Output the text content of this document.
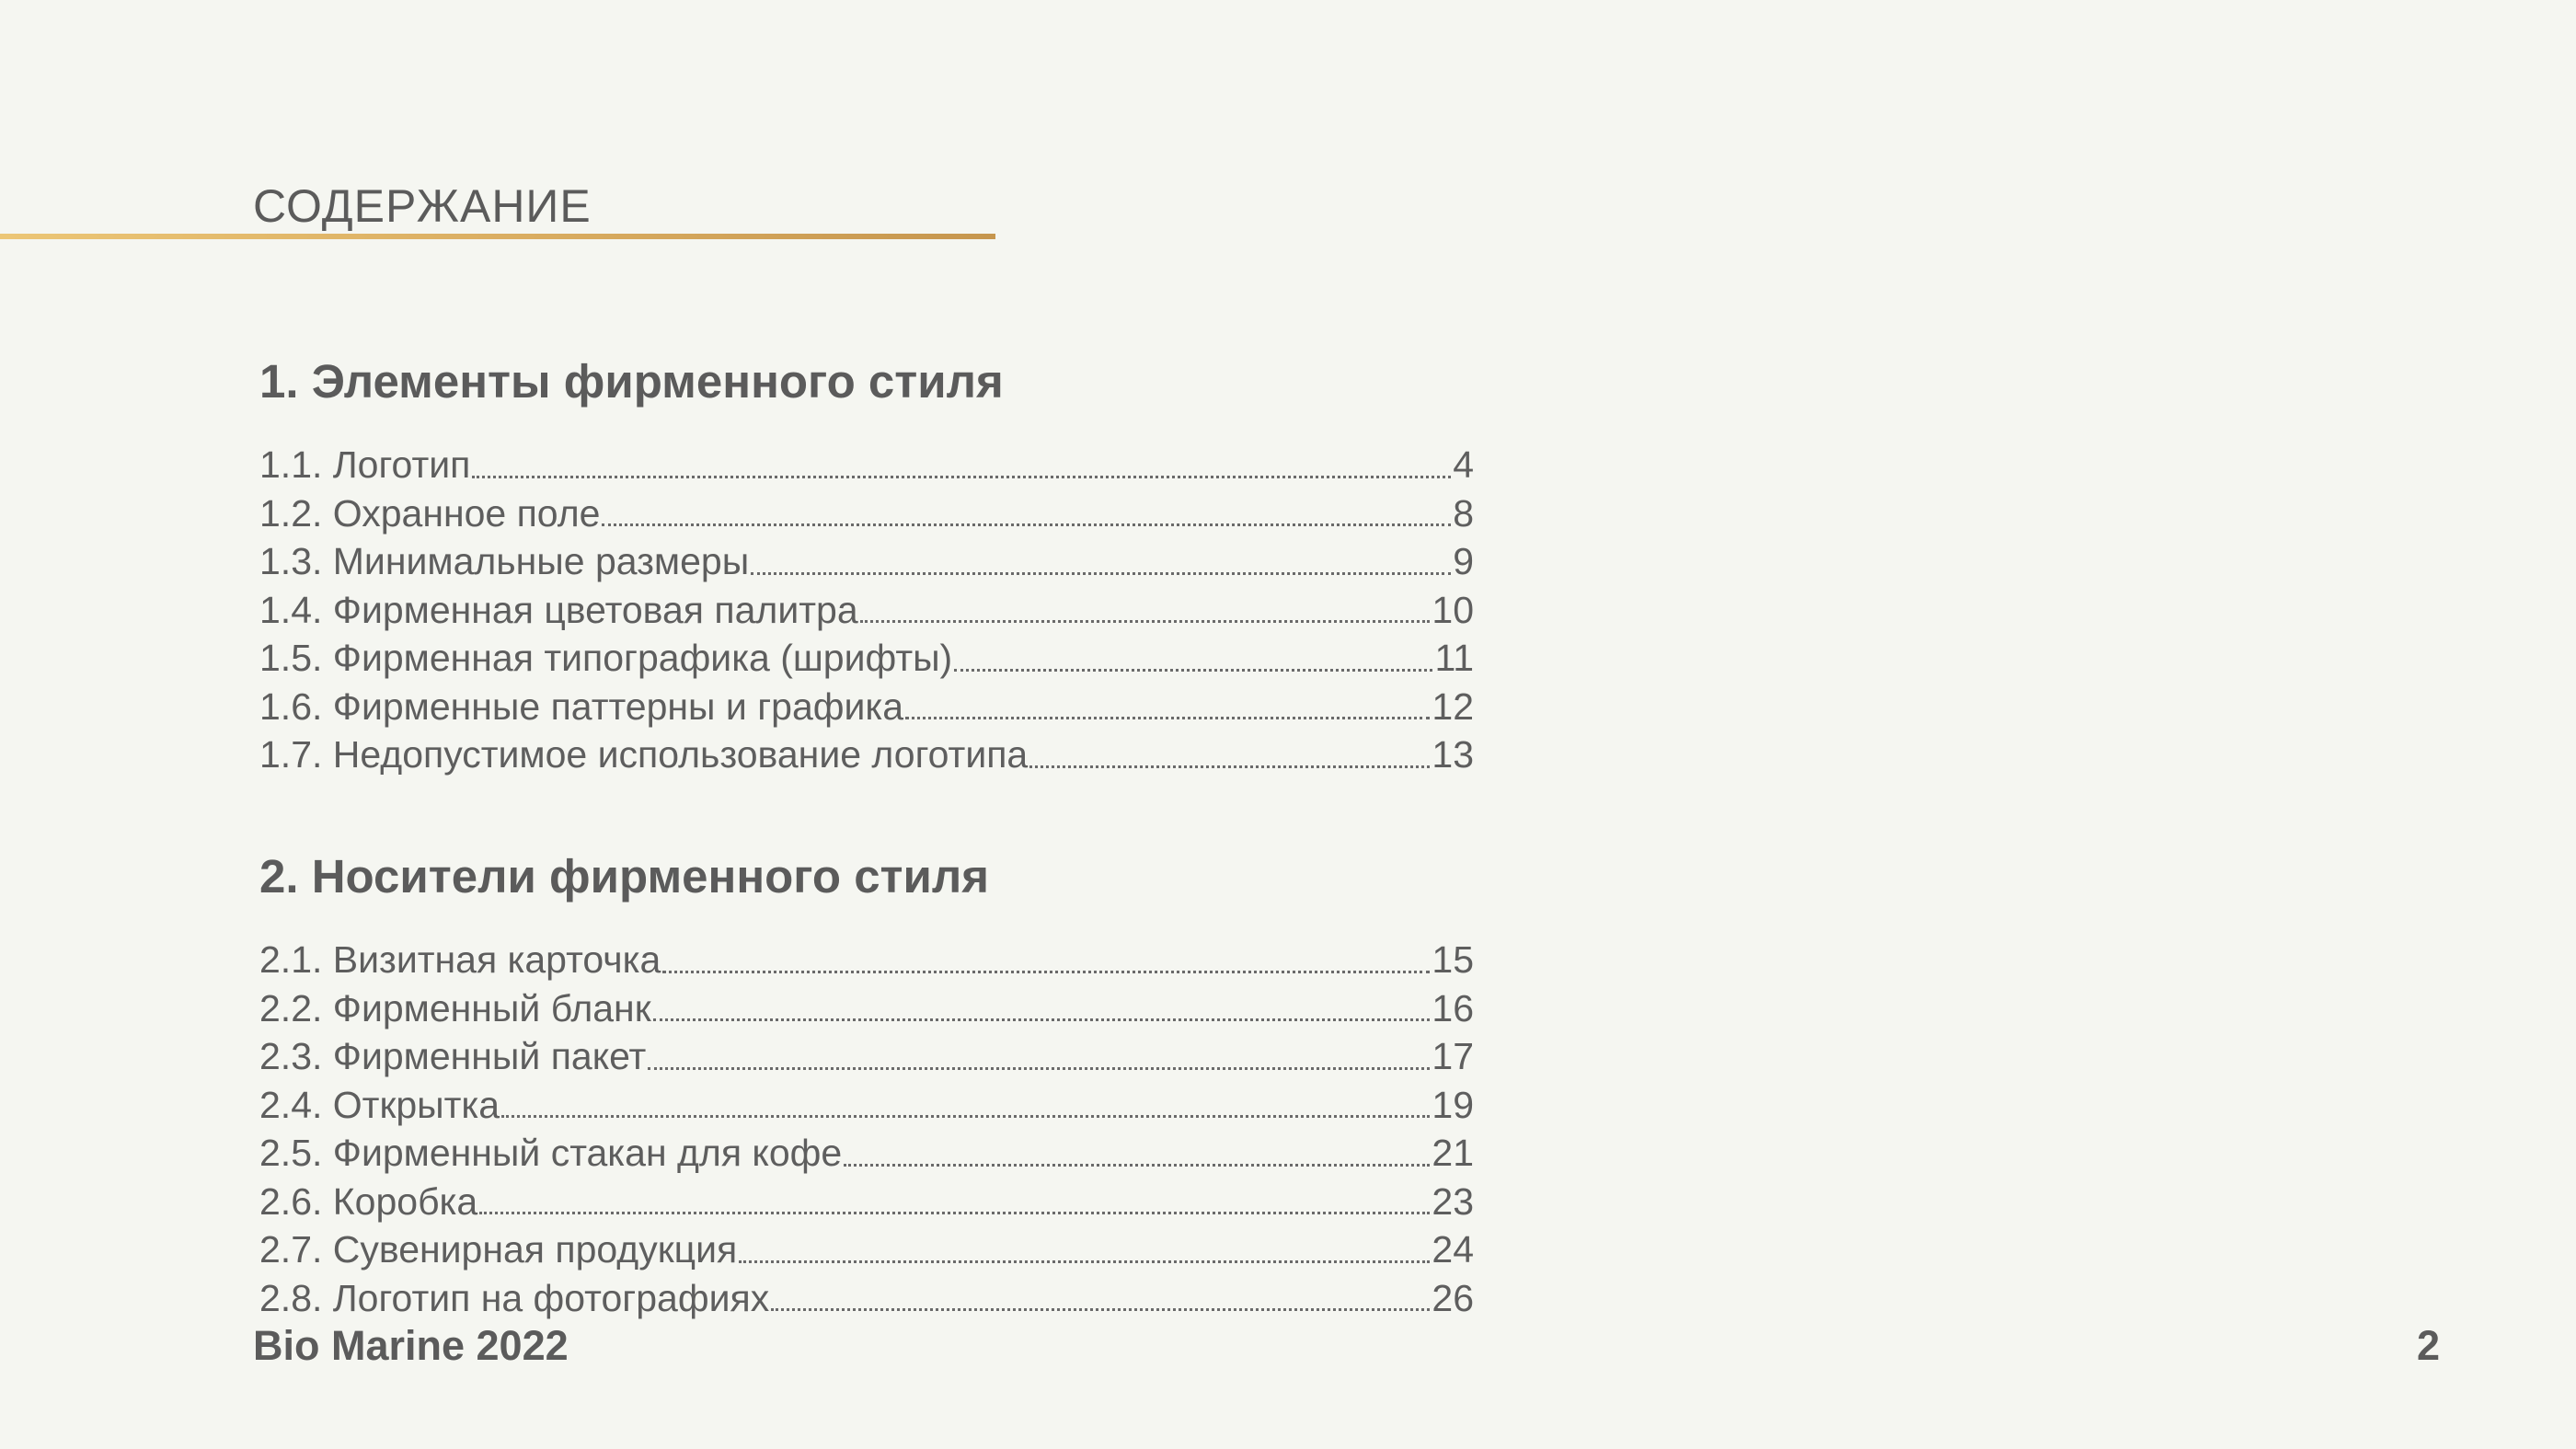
СОДЕРЖАНИЕ
1. Элементы фирменного стиля
1.1. Логотип	4
1.2. Охранное поле	8
1.3. Минимальные размеры	9
1.4. Фирменная цветовая палитра	10
1.5. Фирменная типографика (шрифты)	11
1.6. Фирменные паттерны и графика	12
1.7. Недопустимое использование логотипа	13
2. Носители фирменного стиля
2.1. Визитная карточка	15
2.2. Фирменный бланк	16
2.3. Фирменный пакет	17
2.4. Открытка	19
2.5. Фирменный стакан для кофе	21
2.6. Коробка	23
2.7. Сувенирная продукция	24
2.8. Логотип на фотографиях	26
Bio Marine 2022	2
